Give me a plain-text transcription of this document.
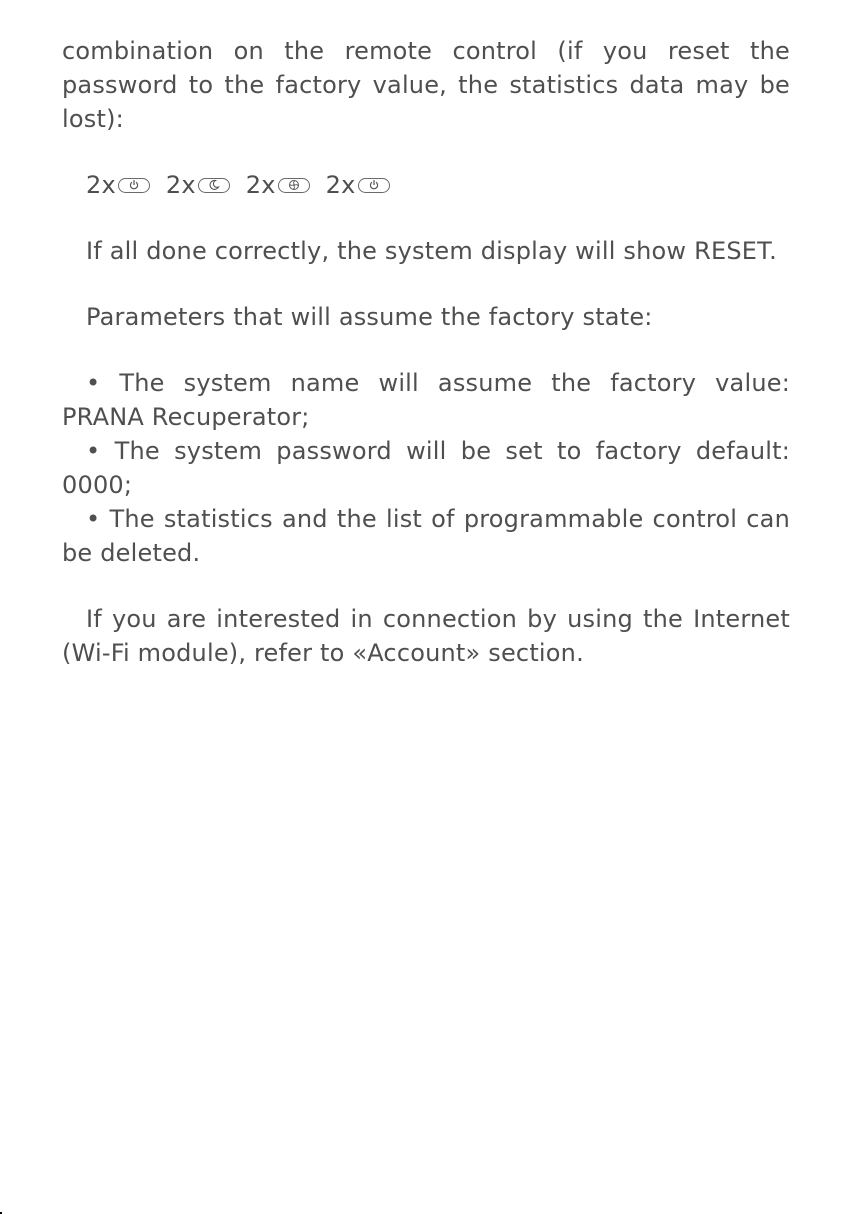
combination on the remote control (if you reset the password to the factory value, the statistics data may be lost):

2x 2x 2x 2x

If all done correctly, the system display will show RESET.

Parameters that will assume the factory state:

• The system name will assume the factory value: PRANA Recuperator;

• The system password will be set to factory default: 0000;

• The statistics and the list of programmable control can be deleted.

If you are interested in connection by using the Internet (Wi-Fi module), refer to «Account» section.
